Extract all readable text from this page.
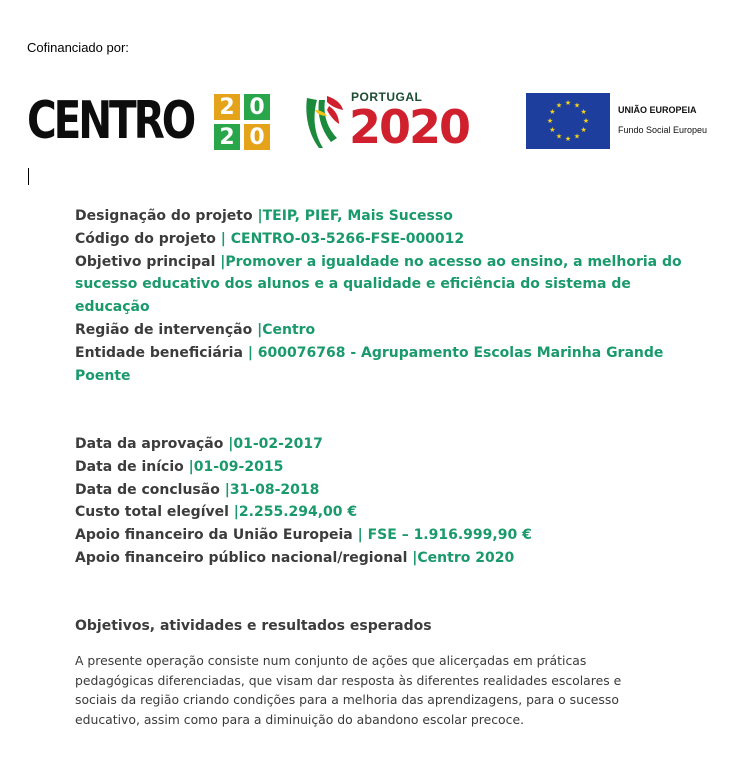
Cofinanciado por:
CENTRO 2 0
2 0
PORTUGAL
2020	★ ★
★
★
★
★
★
★
★
★
★
★	UNIÃO EUROPEIA
Fundo Social Europeu

Designação do projeto |TEIP, PIEF, Mais Sucesso

Código do projeto | CENTRO-03-5266-FSE-000012

Objetivo principal |Promover a igualdade no acesso ao ensino, a melhoria do

sucesso educativo dos alunos e a qualidade e eficiência do sistema de

educação

Região de intervenção |Centro

Entidade beneficiária | 600076768 - Agrupamento Escolas Marinha Grande

Poente

Data da aprovação |01-02-2017

Data de início |01-09-2015

Data de conclusão |31-08-2018

Custo total elegível |2.255.294,00 €

Apoio financeiro da União Europeia | FSE – 1.916.999,90 €

Apoio financeiro público nacional/regional |Centro 2020

Objetivos, atividades e resultados esperados

A presente operação consiste num conjunto de ações que alicerçadas em práticas

pedagógicas diferenciadas, que visam dar resposta às diferentes realidades escolares e

sociais da região criando condições para a melhoria das aprendizagens, para o sucesso

educativo, assim como para a diminuição do abandono escolar precoce.
